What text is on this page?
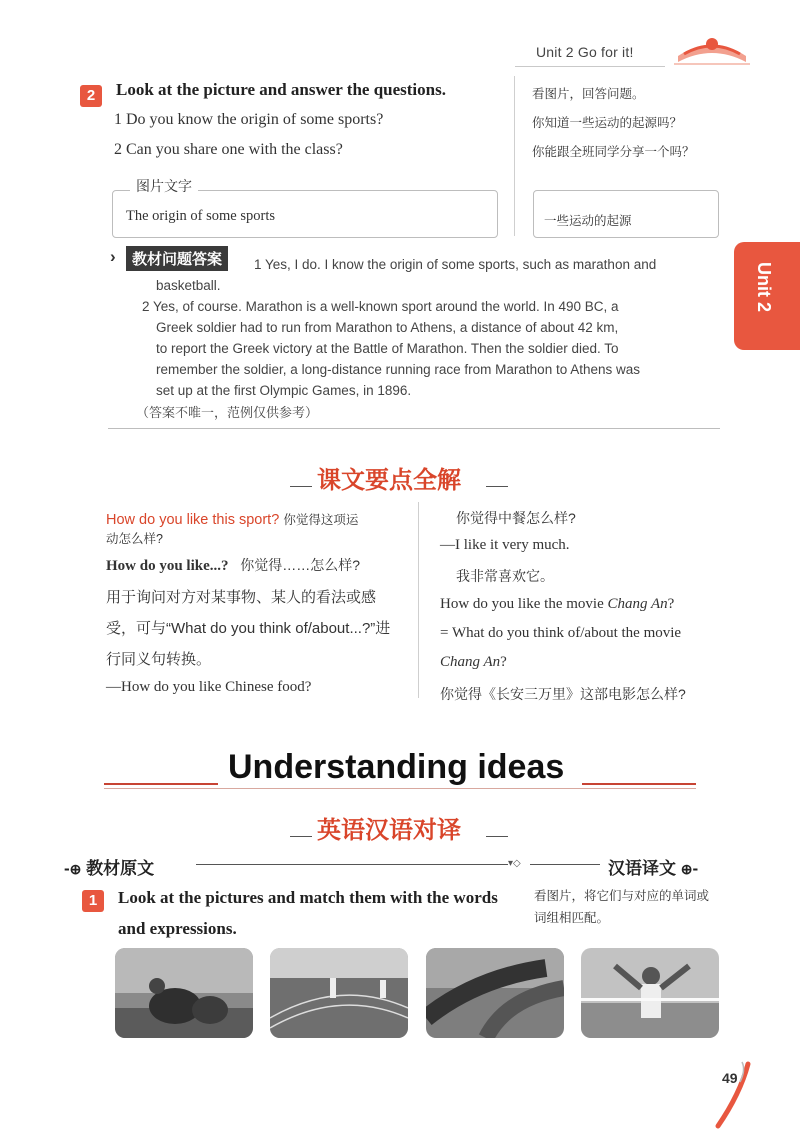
Unit 2 Go for it!
Unit 2
2	Look at the picture and answer the questions.
1 Do you know the origin of some sports?
2 Can you share one with the class?
看图片，回答问题。
你知道一些运动的起源吗？
你能跟全班同学分享一个吗？
图片文字
The origin of some sports	一些运动的起源
›	教材问题答案	1 Yes, I do. I know the origin of some sports, such as marathon and
basketball.
2 Yes, of course. Marathon is a well-known sport around the world. In 490 BC, a
Greek soldier had to run from Marathon to Athens, a distance of about 42 km,
to report the Greek victory at the Battle of Marathon. Then the soldier died. To
remember the soldier, a long-distance running race from Marathon to Athens was
set up at the first Olympic Games, in 1896.
（答案不唯一，范例仅供参考）
课文要点全解
How do you like this sport? 你觉得这项运
动怎么样?
How do you like...? 你觉得……怎么样?
用于询问对方对某事物、某人的看法或感
受，可与“What do you think of/about...?”进
行同义句转换。
—How do you like Chinese food?
你觉得中餐怎么样?
—I like it very much.
我非常喜欢它。
How do you like the movie Chang An?
= What do you think of/about the movie
Chang An?
你觉得《长安三万里》这部电影怎么样?
Understanding ideas
英语汉语对译
-⊕ 教材原文	▾◇	汉语译文 ⊕-
1	Look at the pictures and match them with the words and expressions.
看图片，将它们与对应的单词或
词组相匹配。
49
